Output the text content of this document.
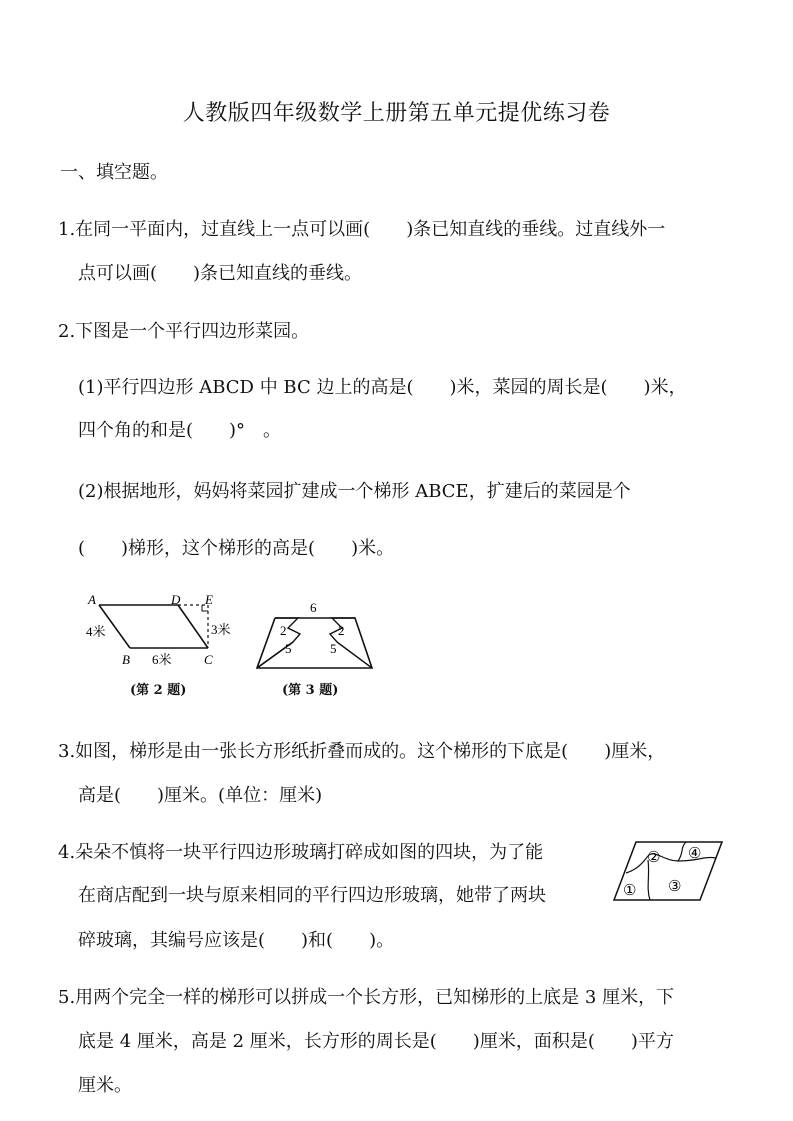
人教版四年级数学上册第五单元提优练习卷
一、填空题。
1.在同一平面内，过直线上一点可以画(　　)条已知直线的垂线。过直线外一
点可以画(　　)条已知直线的垂线。
2.下图是一个平行四边形菜园。
(1)平行四边形 ABCD 中 BC 边上的高是(　　)米，菜园的周长是(　　)米，
四个角的和是(　　)°　。
(2)根据地形，妈妈将菜园扩建成一个梯形 ABCE，扩建后的菜园是个
(　　)梯形，这个梯形的高是(　　)米。
A	D E
B	C
4米
6米
3米
(第 2 题)
6
2	2
5	5
(第 3 题)
3.如图，梯形是由一张长方形纸折叠而成的。这个梯形的下底是(　　)厘米，
高是(　　)厘米。(单位：厘米)
4.朵朵不慎将一块平行四边形玻璃打碎成如图的四块，为了能
在商店配到一块与原来相同的平行四边形玻璃，她带了两块
碎玻璃，其编号应该是(　　)和(　　)。
② ④
① ③
5.用两个完全一样的梯形可以拼成一个长方形，已知梯形的上底是 3 厘米，下
底是 4 厘米，高是 2 厘米，长方形的周长是(　　)厘米，面积是(　　)平方
厘米。
